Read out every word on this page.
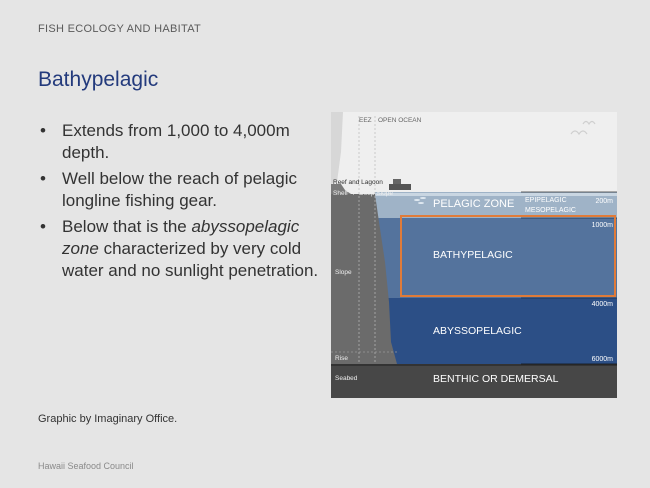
FISH ECOLOGY AND HABITAT
Bathypelagic
• Extends from 1,000 to 4,000m depth.
• Well below the reach of pelagic longline fishing gear.
• Below that is the abyssopelagic zone characterized by very cold water and no sunlight penetration.
Graphic by Imaginary Office.
Hawaii Seafood Council
EEZ OPEN OCEAN
Reef and Lagoon
Shelf / Deep Slope
Slope
Rise
Seabed
PELAGIC ZONE EPIPELAGIC
MESOPELAGIC
BATHYPELAGIC
ABYSSOPELAGIC
BENTHIC OR DEMERSAL
200m
1000m
4000m
6000m
